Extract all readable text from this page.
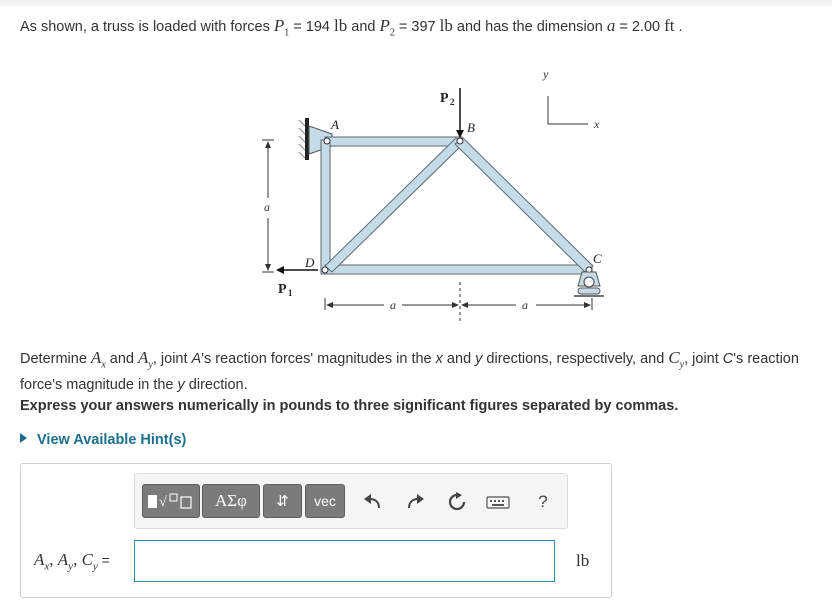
As shown, a truss is loaded with forces $P_1 = 194$ lb and $P_2 = 397$ lb and has the dimension a = 2.00 ft .
A	B
C
D
P 2
P 1
a
a	a
y
x
Determine $A_x$ and $A_y$, joint A's reaction forces' magnitudes in the x and y directions, respectively, and $C_y$, joint C's reaction force's magnitude in the y direction.
Express your answers numerically in pounds to three significant figures separated by commas.
View Available Hint(s)
√	ΑΣφ	⇵	vec	?
$A_x$, $A_y$, $C_y$ =	lb
